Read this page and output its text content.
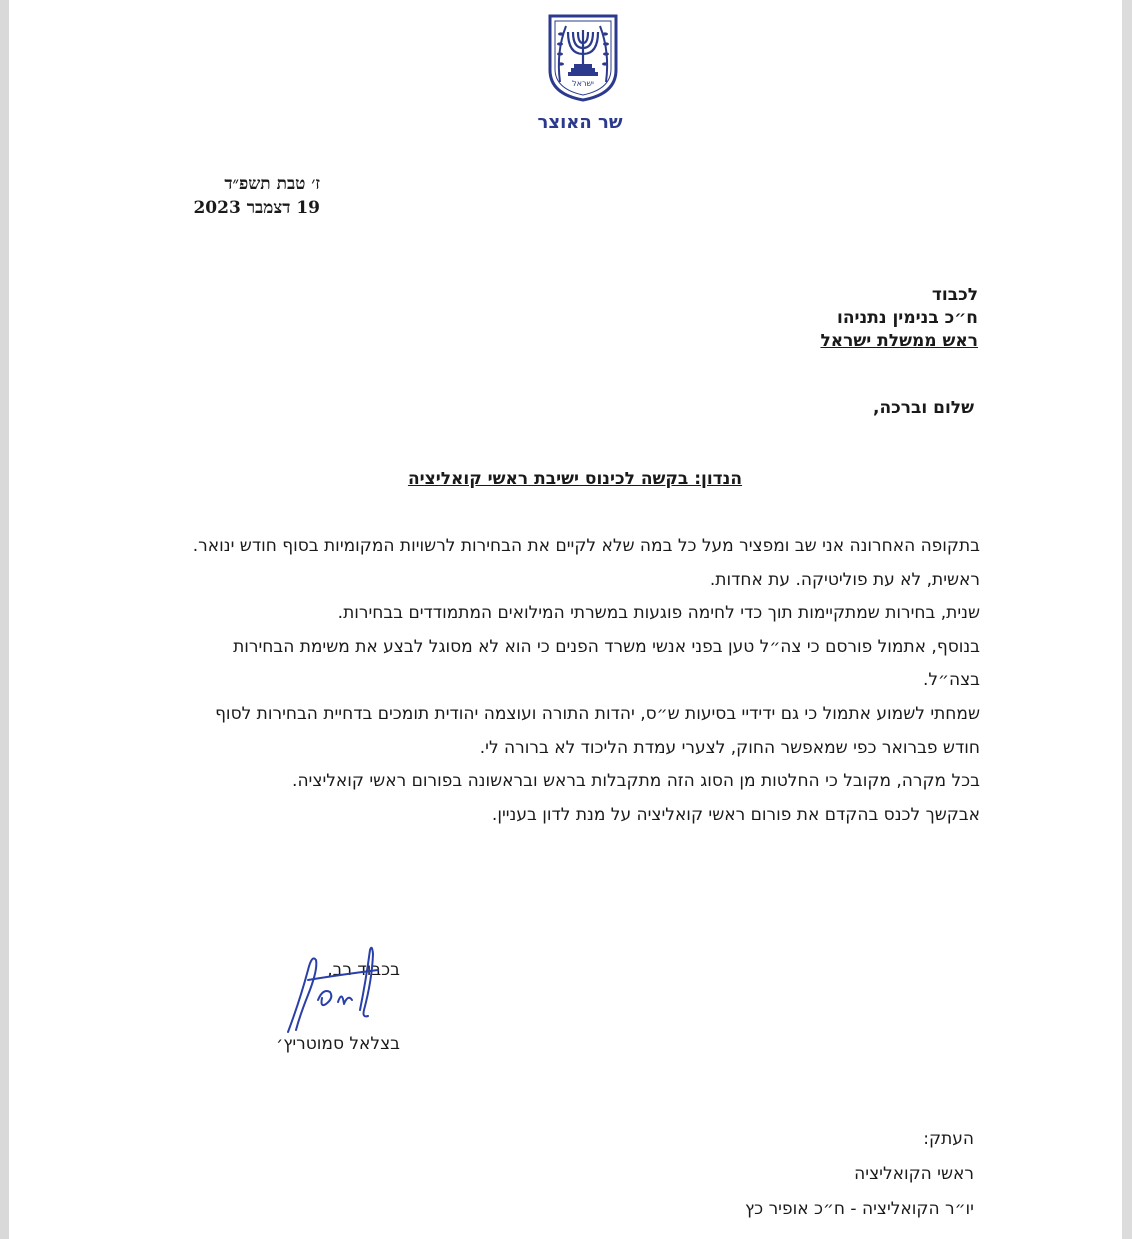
ישראל
שר האוצר
ז׳ טבת תשפ״ד
19 דצמבר 2023
לכבוד
ח״כ בנימין נתניהו
ראש ממשלת ישראל
שלום וברכה,
הנדון: בקשה לכינוס ישיבת ראשי קואליציה

בתקופה האחרונה אני שב ומפציר מעל כל במה שלא לקיים את הבחירות לרשויות המקומיות בסוף חודש ינואר.

ראשית, לא עת פוליטיקה. עת אחדות.

שנית, בחירות שמתקיימות תוך כדי לחימה פוגעות במשרתי המילואים המתמודדים בבחירות.

בנוסף, אתמול פורסם כי צה״ל טען בפני אנשי משרד הפנים כי הוא לא מסוגל לבצע את משימת הבחירות בצה״ל.

שמחתי לשמוע אתמול כי גם ידידיי בסיעות ש״ס, יהדות התורה ועוצמה יהודית תומכים בדחיית הבחירות לסוף חודש פברואר כפי שמאפשר החוק, לצערי עמדת הליכוד לא ברורה לי.

בכל מקרה, מקובל כי החלטות מן הסוג הזה מתקבלות בראש ובראשונה בפורום ראשי קואליציה.

אבקשך לכנס בהקדם את פורום ראשי קואליציה על מנת לדון בעניין.

בכבוד רב,
בצלאל סמוטריץ׳
העתק:
ראשי הקואליציה
יו״ר הקואליציה - ח״כ אופיר כץ
